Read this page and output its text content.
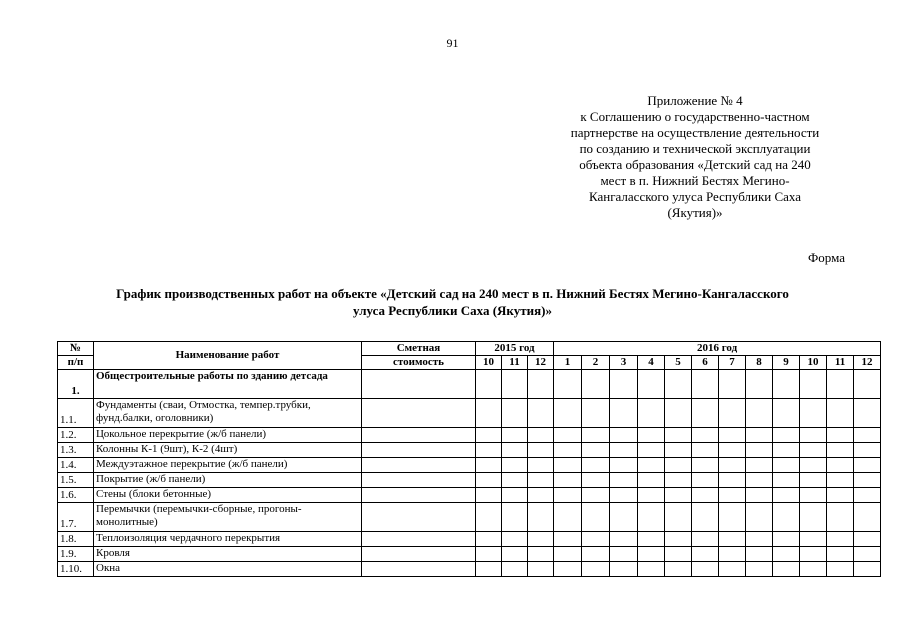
91
Приложение № 4
к Соглашению о государственно-частном
партнерстве на осуществление деятельности
по созданию и технической эксплуатации
объекта образования «Детский сад на 240
мест в п. Нижний Бестях Мегино-
Кангаласского улуса Республики Саха
(Якутия)»
Форма
График производственных работ на объекте «Детский сад на 240 мест в п. Нижний Бестях Мегино-Кангаласского
улуса Республики Саха (Якутия)»
№	Наименование работ	Сметная	2015 год			2016 год											
п/п		стоимость	10	11	12	1	2	3	4	5	6	7	8	9	10	11	12
1.	Общестроительные работы по зданию детсада																
1.1.	Фундаменты (сваи, Отмостка, темпер.трубки, фунд.балки, оголовники)																
1.2.	Цокольное перекрытие (ж/б панели)																
1.3.	Колонны К-1 (9шт), К-2 (4шт)																
1.4.	Междуэтажное перекрытие (ж/б панели)																
1.5.	Покрытие (ж/б панели)																
1.6.	Стены (блоки бетонные)																
1.7.	Перемычки (перемычки-сборные, прогоны-монолитные)																
1.8.	Теплоизоляция чердачного перекрытия																
1.9.	Кровля																
1.10.	Окна																
